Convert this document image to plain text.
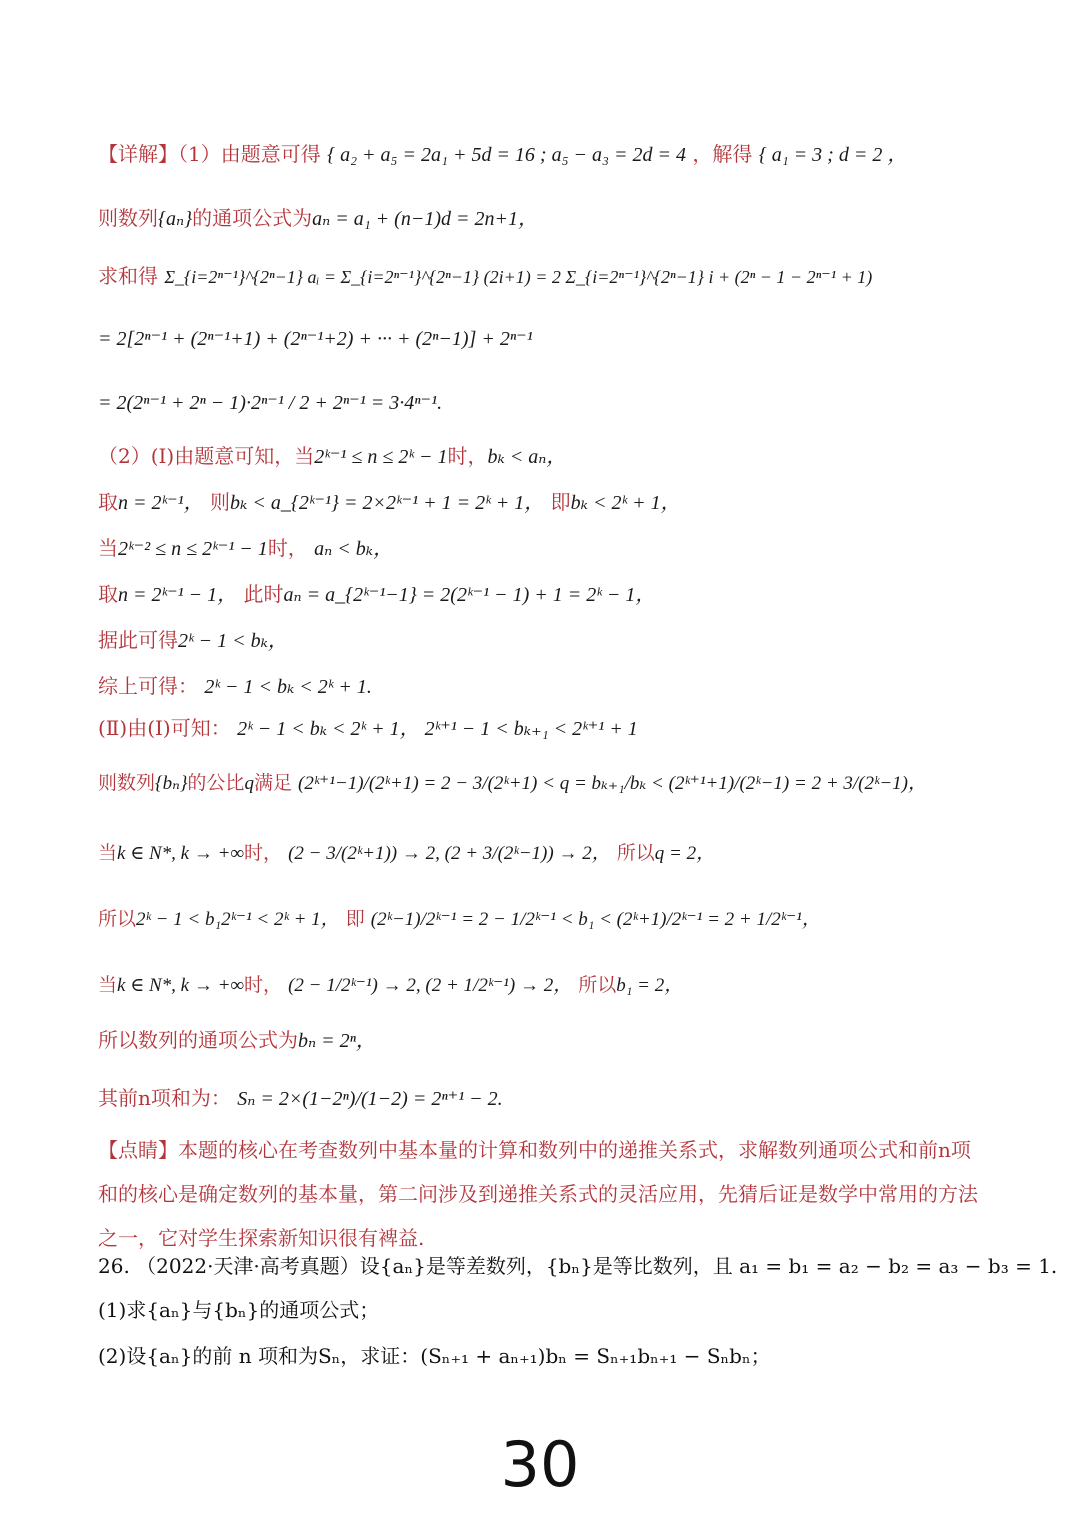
【详解】（1）由题意可得 { a₂ + a₅ = 2a₁ + 5d = 16 ; a₅ − a₃ = 2d = 4 ，解得 { a₁ = 3 ; d = 2 ，
则数列{aₙ}的通项公式为aₙ = a₁ + (n−1)d = 2n+1，
求和得 Σ_{i=2ⁿ⁻¹}^{2ⁿ−1} aᵢ = Σ_{i=2ⁿ⁻¹}^{2ⁿ−1} (2i+1) = 2 Σ_{i=2ⁿ⁻¹}^{2ⁿ−1} i + (2ⁿ − 1 − 2ⁿ⁻¹ + 1)
= 2[2ⁿ⁻¹ + (2ⁿ⁻¹+1) + (2ⁿ⁻¹+2) + ··· + (2ⁿ−1)] + 2ⁿ⁻¹
= 2(2ⁿ⁻¹ + 2ⁿ − 1)·2ⁿ⁻¹ / 2 + 2ⁿ⁻¹ = 3·4ⁿ⁻¹.
（2）(Ⅰ)由题意可知，当2ᵏ⁻¹ ≤ n ≤ 2ᵏ − 1时，bₖ < aₙ，
取n = 2ᵏ⁻¹， 则bₖ < a_{2ᵏ⁻¹} = 2×2ᵏ⁻¹ + 1 = 2ᵏ + 1， 即bₖ < 2ᵏ + 1，
当2ᵏ⁻² ≤ n ≤ 2ᵏ⁻¹ − 1时， aₙ < bₖ，
取n = 2ᵏ⁻¹ − 1， 此时aₙ = a_{2ᵏ⁻¹−1} = 2(2ᵏ⁻¹ − 1) + 1 = 2ᵏ − 1，
据此可得2ᵏ − 1 < bₖ，
综上可得： 2ᵏ − 1 < bₖ < 2ᵏ + 1.
(Ⅱ)由(Ⅰ)可知： 2ᵏ − 1 < bₖ < 2ᵏ + 1， 2ᵏ⁺¹ − 1 < bₖ₊₁ < 2ᵏ⁺¹ + 1
则数列{bₙ}的公比q满足 (2ᵏ⁺¹−1)/(2ᵏ+1) = 2 − 3/(2ᵏ+1) < q = bₖ₊₁/bₖ < (2ᵏ⁺¹+1)/(2ᵏ−1) = 2 + 3/(2ᵏ−1)，
当k ∈ N*, k → +∞时， (2 − 3/(2ᵏ+1)) → 2, (2 + 3/(2ᵏ−1)) → 2， 所以q = 2，
所以2ᵏ − 1 < b₁2ᵏ⁻¹ < 2ᵏ + 1， 即 (2ᵏ−1)/2ᵏ⁻¹ = 2 − 1/2ᵏ⁻¹ < b₁ < (2ᵏ+1)/2ᵏ⁻¹ = 2 + 1/2ᵏ⁻¹，
当k ∈ N*, k → +∞时， (2 − 1/2ᵏ⁻¹) → 2, (2 + 1/2ᵏ⁻¹) → 2， 所以b₁ = 2，
所以数列的通项公式为bₙ = 2ⁿ，
其前n项和为： Sₙ = 2×(1−2ⁿ)/(1−2) = 2ⁿ⁺¹ − 2.
【点睛】本题的核心在考查数列中基本量的计算和数列中的递推关系式，求解数列通项公式和前n项和的核心是确定数列的基本量，第二问涉及到递推关系式的灵活应用，先猜后证是数学中常用的方法之一，它对学生探索新知识很有裨益.
26. （2022·天津·高考真题）设{aₙ}是等差数列，{bₙ}是等比数列，且 a₁ = b₁ = a₂ − b₂ = a₃ − b₃ = 1.
(1)求{aₙ}与{bₙ}的通项公式；
(2)设{aₙ}的前 n 项和为Sₙ，求证：(Sₙ₊₁ + aₙ₊₁)bₙ = Sₙ₊₁bₙ₊₁ − Sₙbₙ；
30
